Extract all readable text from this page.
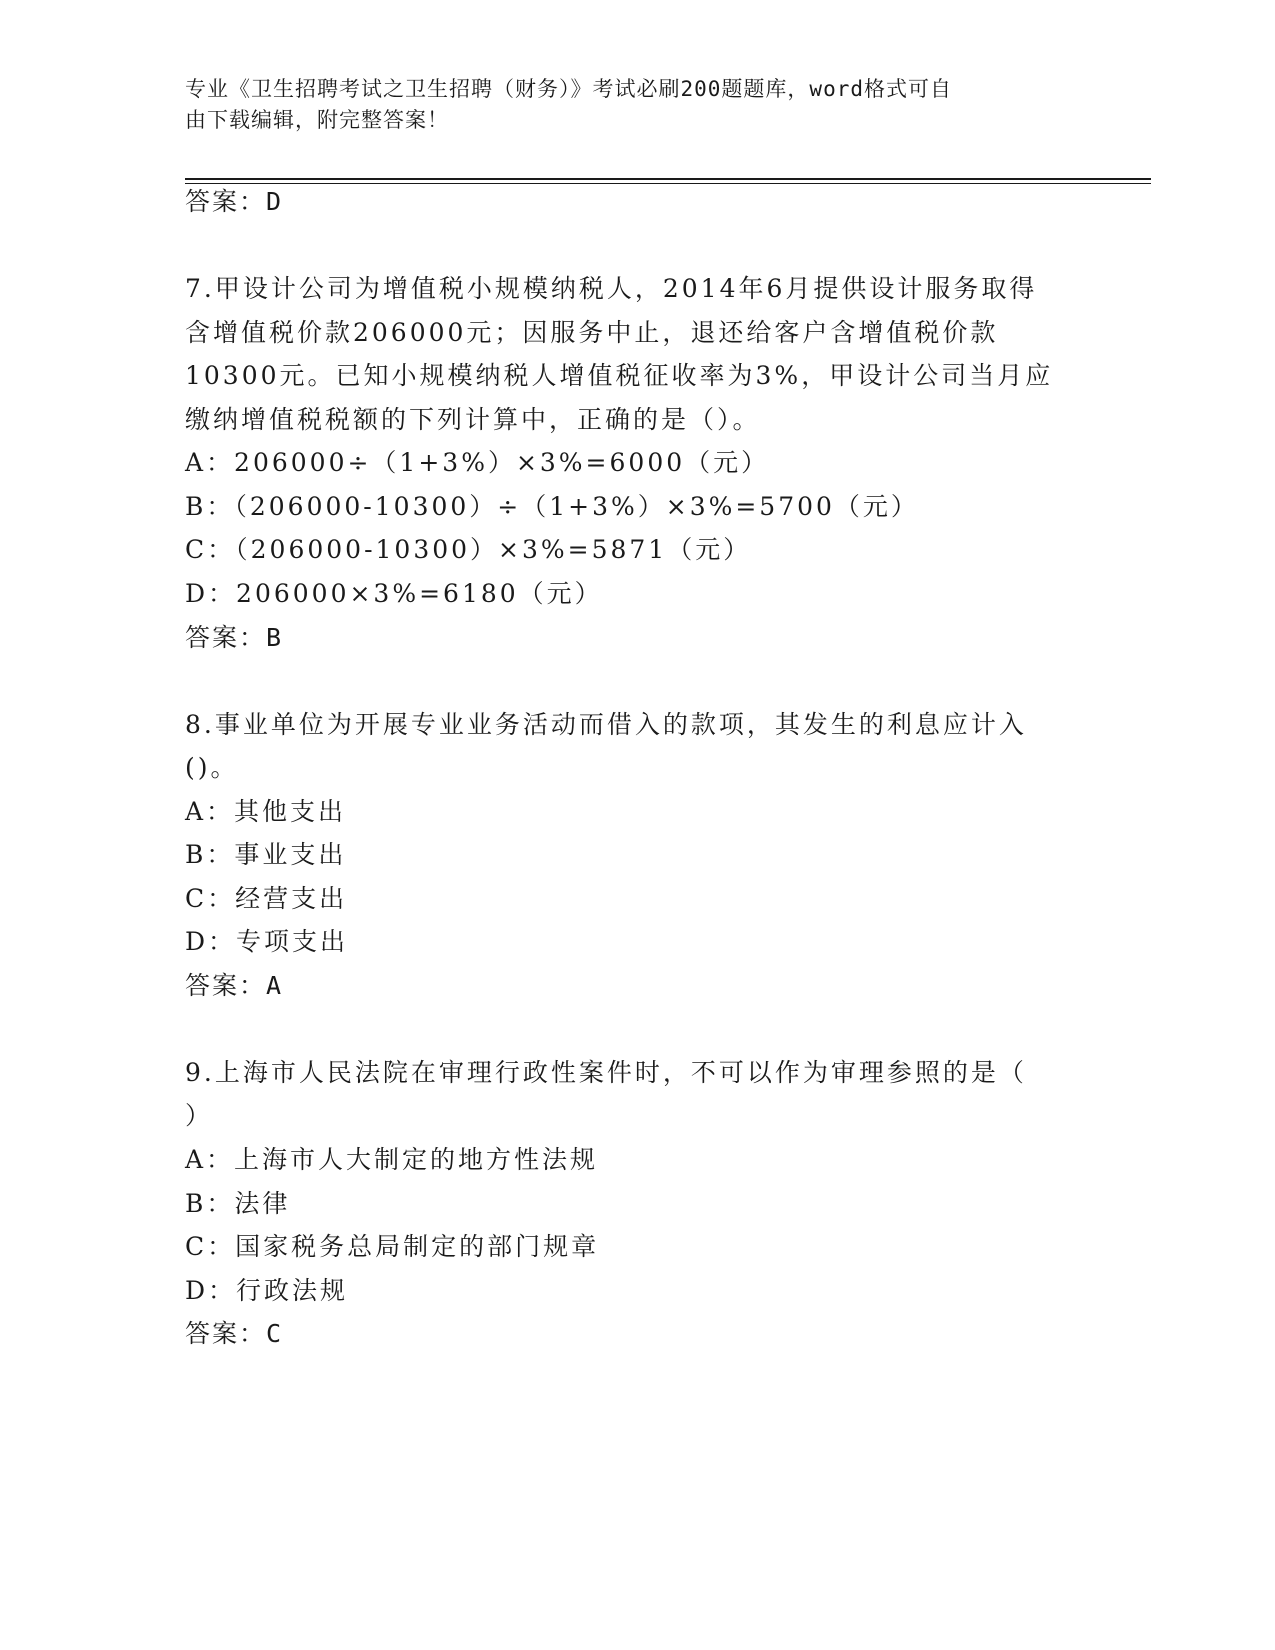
专业《卫生招聘考试之卫生招聘（财务）》考试必刷200题题库，word格式可自
由下载编辑，附完整答案！
答案：D
7.甲设计公司为增值税小规模纳税人，2014年6月提供设计服务取得
含增值税价款206000元；因服务中止，退还给客户含增值税价款
10300元。已知小规模纳税人增值税征收率为3%，甲设计公司当月应
缴纳增值税税额的下列计算中，正确的是（）。
A：206000÷（1+3%）×3%=6000（元）
B：（206000-10300）÷（1+3%）×3%=5700（元）
C：（206000-10300）×3%=5871（元）
D：206000×3%=6180（元）
答案：B
8.事业单位为开展专业业务活动而借入的款项，其发生的利息应计入
()。
A：其他支出
B：事业支出
C：经营支出
D：专项支出
答案：A
9.上海市人民法院在审理行政性案件时，不可以作为审理参照的是（
）
A：上海市人大制定的地方性法规
B：法律
C：国家税务总局制定的部门规章
D：行政法规
答案：C
